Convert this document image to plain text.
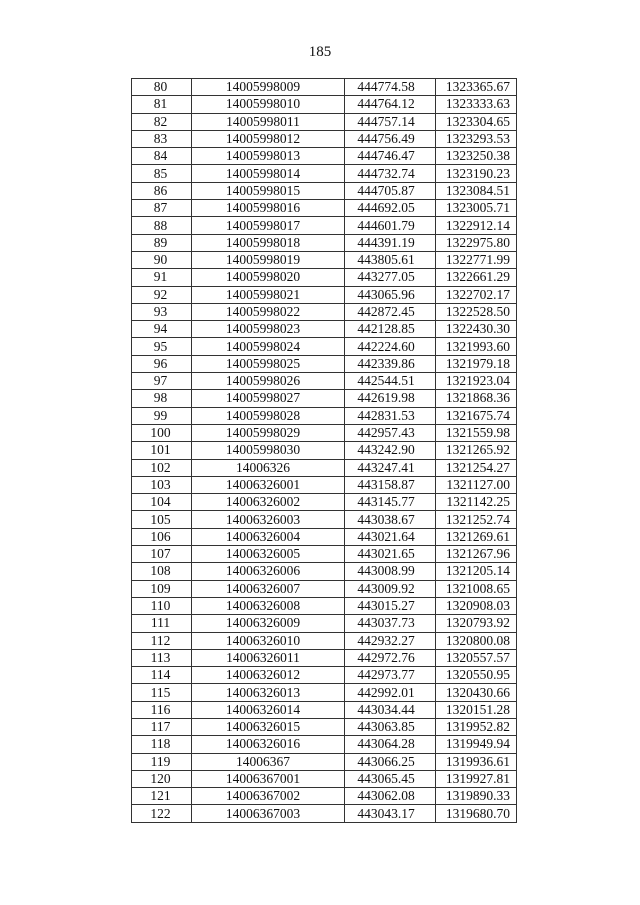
185
80	14005998009	444774.58	1323365.67
81	14005998010	444764.12	1323333.63
82	14005998011	444757.14	1323304.65
83	14005998012	444756.49	1323293.53
84	14005998013	444746.47	1323250.38
85	14005998014	444732.74	1323190.23
86	14005998015	444705.87	1323084.51
87	14005998016	444692.05	1323005.71
88	14005998017	444601.79	1322912.14
89	14005998018	444391.19	1322975.80
90	14005998019	443805.61	1322771.99
91	14005998020	443277.05	1322661.29
92	14005998021	443065.96	1322702.17
93	14005998022	442872.45	1322528.50
94	14005998023	442128.85	1322430.30
95	14005998024	442224.60	1321993.60
96	14005998025	442339.86	1321979.18
97	14005998026	442544.51	1321923.04
98	14005998027	442619.98	1321868.36
99	14005998028	442831.53	1321675.74
100	14005998029	442957.43	1321559.98
101	14005998030	443242.90	1321265.92
102	14006326	443247.41	1321254.27
103	14006326001	443158.87	1321127.00
104	14006326002	443145.77	1321142.25
105	14006326003	443038.67	1321252.74
106	14006326004	443021.64	1321269.61
107	14006326005	443021.65	1321267.96
108	14006326006	443008.99	1321205.14
109	14006326007	443009.92	1321008.65
110	14006326008	443015.27	1320908.03
111	14006326009	443037.73	1320793.92
112	14006326010	442932.27	1320800.08
113	14006326011	442972.76	1320557.57
114	14006326012	442973.77	1320550.95
115	14006326013	442992.01	1320430.66
116	14006326014	443034.44	1320151.28
117	14006326015	443063.85	1319952.82
118	14006326016	443064.28	1319949.94
119	14006367	443066.25	1319936.61
120	14006367001	443065.45	1319927.81
121	14006367002	443062.08	1319890.33
122	14006367003	443043.17	1319680.70
